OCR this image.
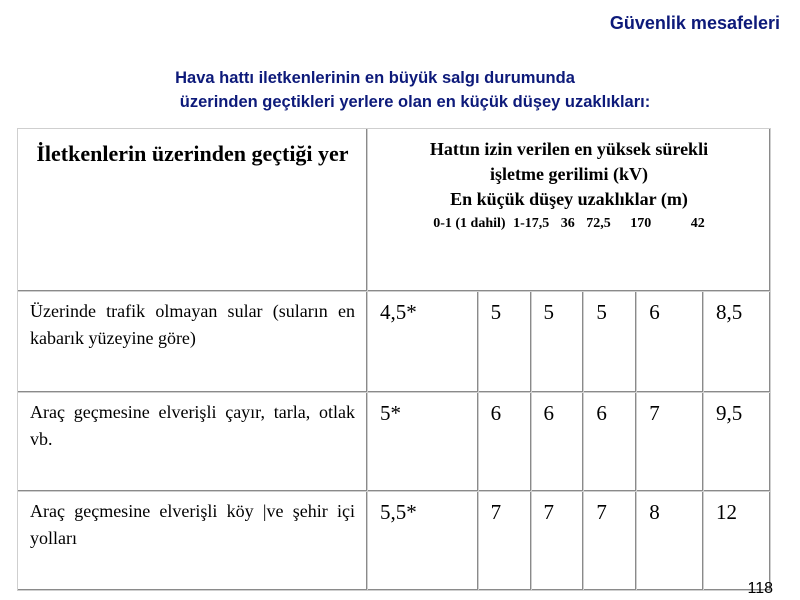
Güvenlik mesafeleri
Hava hattı iletkenlerinin en büyük salgı durumunda
üzerinden geçtikleri yerlere olan en küçük düşey uzaklıkları:
İletkenlerin üzerinden geçtiği yer	Hattın izin verilen en yüksek sürekli
işletme gerilimi (kV)
En küçük düşey uzaklıklar (m)
0-1 (1 dahil) 1-17,5 36 72,5 170 42					

Üzerinde trafik olmayan sular (suların en kabarık yüzeyine göre)	4,5*	5	5	5	6	8,5
Araç geçmesine elverişli çayır, tarla, otlak vb.	5*	6	6	6	7	9,5
Araç geçmesine elverişli köy |ve şehir içi yolları	5,5*	7	7	7	8	12
118
